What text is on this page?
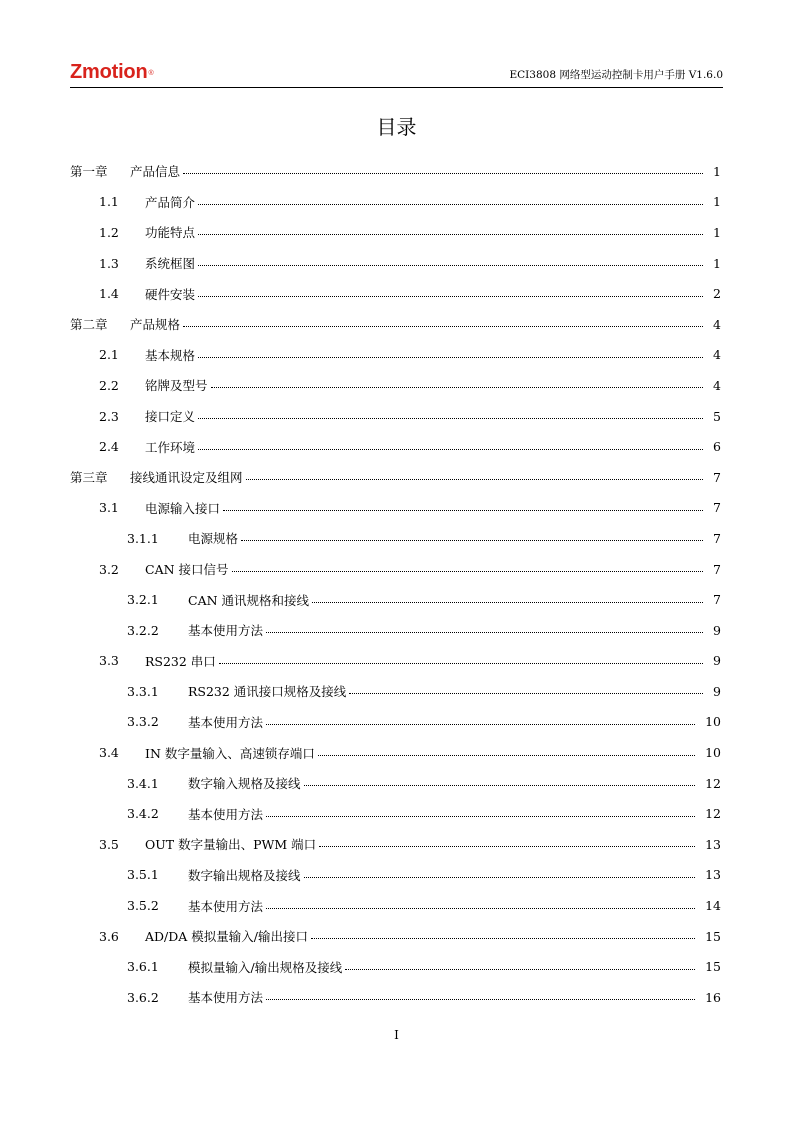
Zmotion®	ECI3808 网络型运动控制卡用户手册 V1.6.0
目录
第一章	产品信息	1
1.1	产品简介	1
1.2	功能特点	1
1.3	系统框图	1
1.4	硬件安装	2
第二章	产品规格	4
2.1	基本规格	4
2.2	铭牌及型号	4
2.3	接口定义	5
2.4	工作环境	6
第三章	接线通讯设定及组网	7
3.1	电源输入接口	7
3.1.1	电源规格	7
3.2	CAN 接口信号	7
3.2.1	CAN 通讯规格和接线	7
3.2.2	基本使用方法	9
3.3	RS232 串口	9
3.3.1	RS232 通讯接口规格及接线	9
3.3.2	基本使用方法	10
3.4	IN 数字量输入、高速锁存端口	10
3.4.1	数字输入规格及接线	12
3.4.2	基本使用方法	12
3.5	OUT 数字量输出、PWM 端口	13
3.5.1	数字输出规格及接线	13
3.5.2	基本使用方法	14
3.6	AD/DA 模拟量输入/输出接口	15
3.6.1	模拟量输入/输出规格及接线	15
3.6.2	基本使用方法	16
I
